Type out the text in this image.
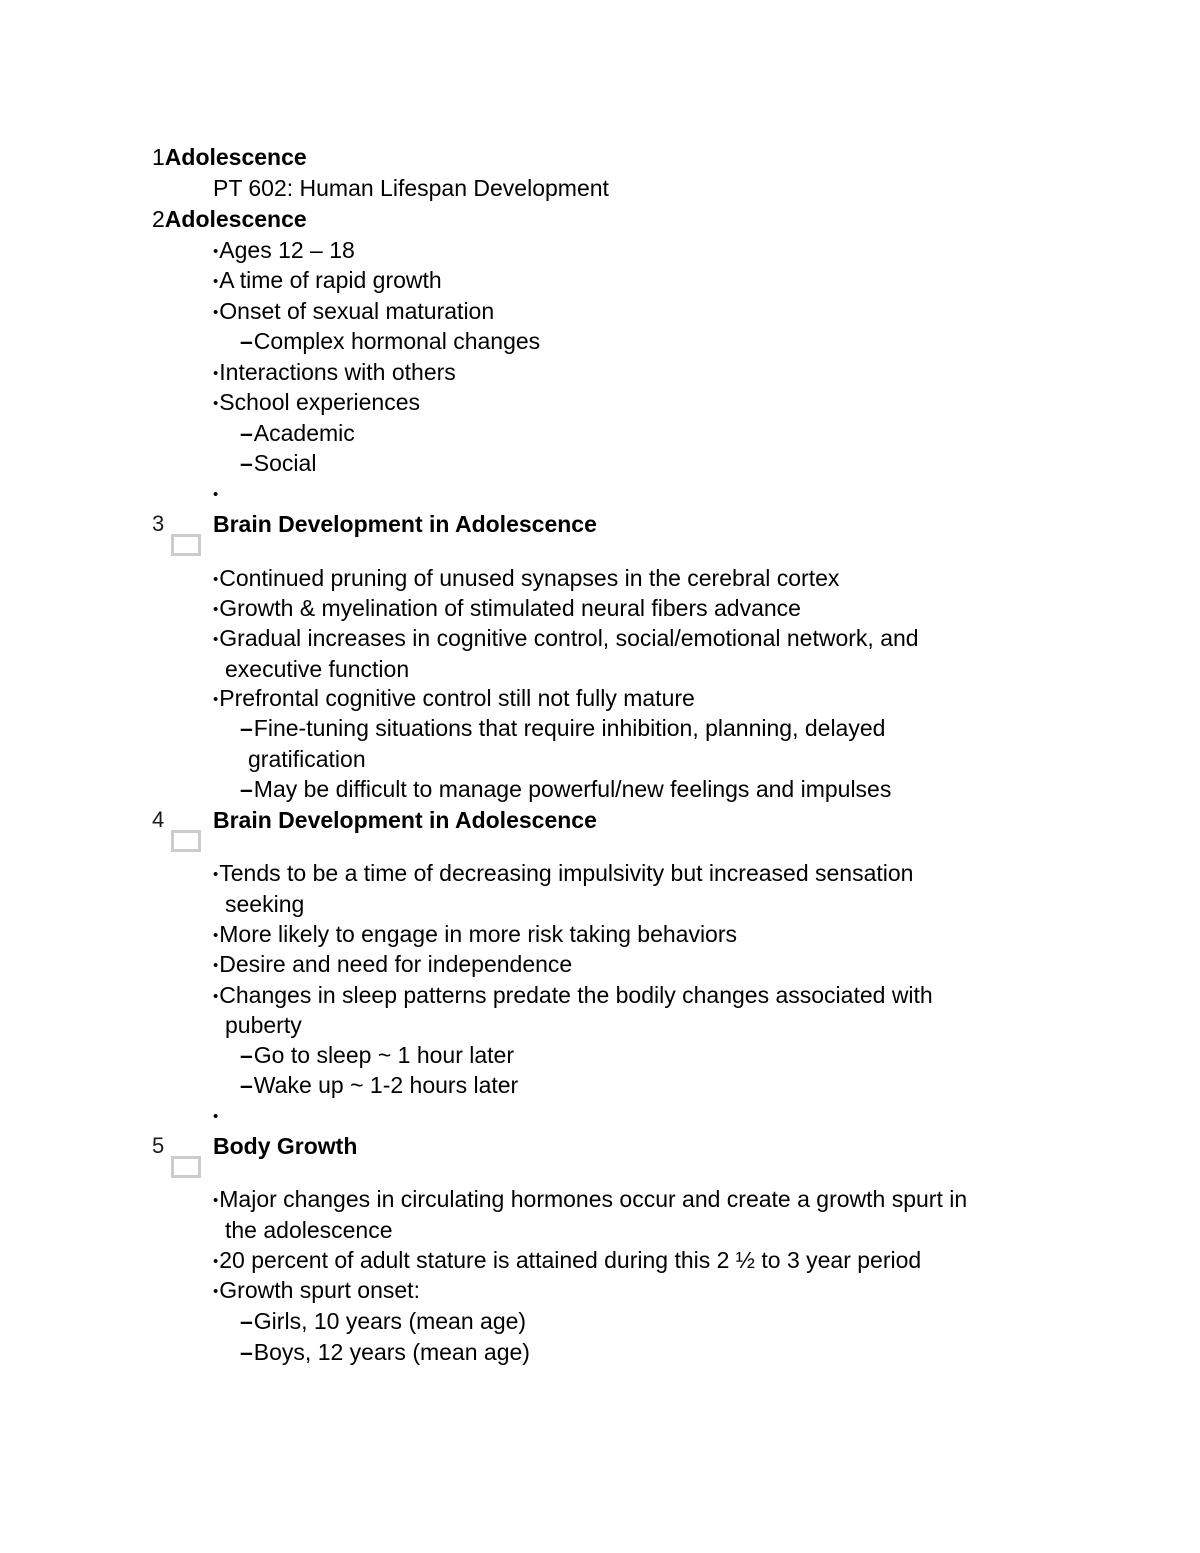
1Adolescence
PT 602: Human Lifespan Development
2Adolescence
• Ages 12 – 18
• A time of rapid growth
• Onset of sexual maturation
– Complex hormonal changes
• Interactions with others
• School experiences
– Academic
– Social
•
3 Brain Development in Adolescence
• Continued pruning of unused synapses in the cerebral cortex
• Growth & myelination of stimulated neural fibers advance
• Gradual increases in cognitive control, social/emotional network, and
executive function
• Prefrontal cognitive control still not fully mature
– Fine-tuning situations that require inhibition, planning, delayed
gratification
– May be difficult to manage powerful/new feelings and impulses
4 Brain Development in Adolescence
• Tends to be a time of decreasing impulsivity but increased sensation
seeking
• More likely to engage in more risk taking behaviors
• Desire and need for independence
• Changes in sleep patterns predate the bodily changes associated with
puberty
– Go to sleep ~ 1 hour later
– Wake up ~ 1-2 hours later
•
5 Body Growth
• Major changes in circulating hormones occur and create a growth spurt in
the adolescence
• 20 percent of adult stature is attained during this 2 ½ to 3 year period
• Growth spurt onset:
– Girls, 10 years (mean age)
– Boys, 12 years (mean age)
